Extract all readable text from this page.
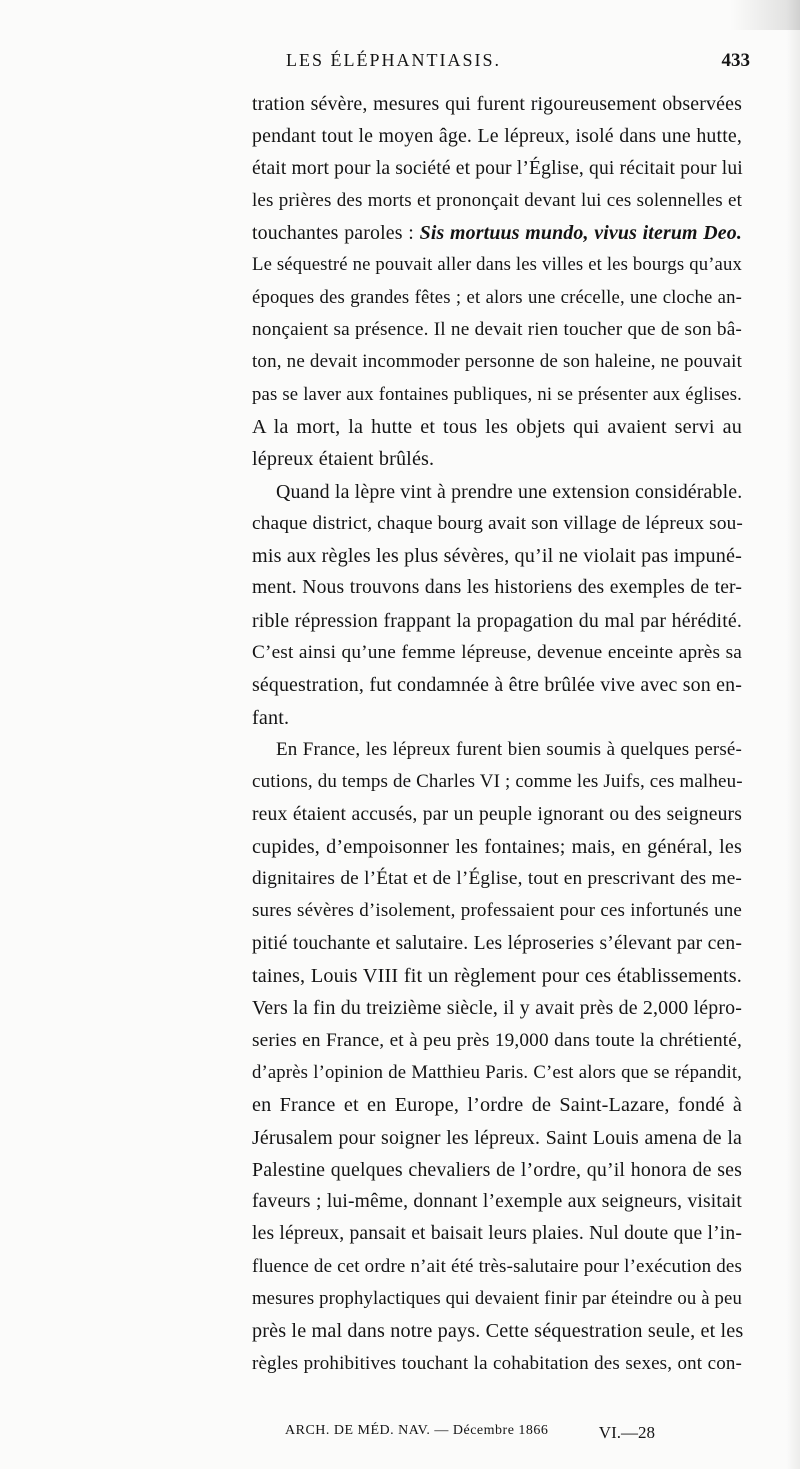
LES ÉLÉPHANTIASIS.	433
tration sévère, mesures qui furent rigoureusement observées
pendant tout le moyen âge. Le lépreux, isolé dans une hutte,
était mort pour la société et pour l’Église, qui récitait pour lui
les prières des morts et prononçait devant lui ces solennelles et
touchantes paroles : Sis mortuus mundo, vivus iterum Deo.
Le séquestré ne pouvait aller dans les villes et les bourgs qu’aux
époques des grandes fêtes ; et alors une crécelle, une cloche an-
nonçaient sa présence. Il ne devait rien toucher que de son bâ-
ton, ne devait incommoder personne de son haleine, ne pouvait
pas se laver aux fontaines publiques, ni se présenter aux églises.
A la mort, la hutte et tous les objets qui avaient servi au
lépreux étaient brûlés.
Quand la lèpre vint à prendre une extension considérable.
chaque district, chaque bourg avait son village de lépreux sou-
mis aux règles les plus sévères, qu’il ne violait pas impuné-
ment. Nous trouvons dans les historiens des exemples de ter-
rible répression frappant la propagation du mal par hérédité.
C’est ainsi qu’une femme lépreuse, devenue enceinte après sa
séquestration, fut condamnée à être brûlée vive avec son en-
fant.
En France, les lépreux furent bien soumis à quelques persé-
cutions, du temps de Charles VI ; comme les Juifs, ces malheu-
reux étaient accusés, par un peuple ignorant ou des seigneurs
cupides, d’empoisonner les fontaines; mais, en général, les
dignitaires de l’État et de l’Église, tout en prescrivant des me-
sures sévères d’isolement, professaient pour ces infortunés une
pitié touchante et salutaire. Les léproseries s’élevant par cen-
taines, Louis VIII fit un règlement pour ces établissements.
Vers la fin du treizième siècle, il y avait près de 2,000 lépro-
series en France, et à peu près 19,000 dans toute la chrétienté,
d’après l’opinion de Matthieu Paris. C’est alors que se répandit,
en France et en Europe, l’ordre de Saint-Lazare, fondé à
Jérusalem pour soigner les lépreux. Saint Louis amena de la
Palestine quelques chevaliers de l’ordre, qu’il honora de ses
faveurs ; lui-même, donnant l’exemple aux seigneurs, visitait
les lépreux, pansait et baisait leurs plaies. Nul doute que l’in-
fluence de cet ordre n’ait été très-salutaire pour l’exécution des
mesures prophylactiques qui devaient finir par éteindre ou à peu
près le mal dans notre pays. Cette séquestration seule, et les
règles prohibitives touchant la cohabitation des sexes, ont con-
ARCH. DE MÉD. NAV. — Décembre 1866	VI.—28
